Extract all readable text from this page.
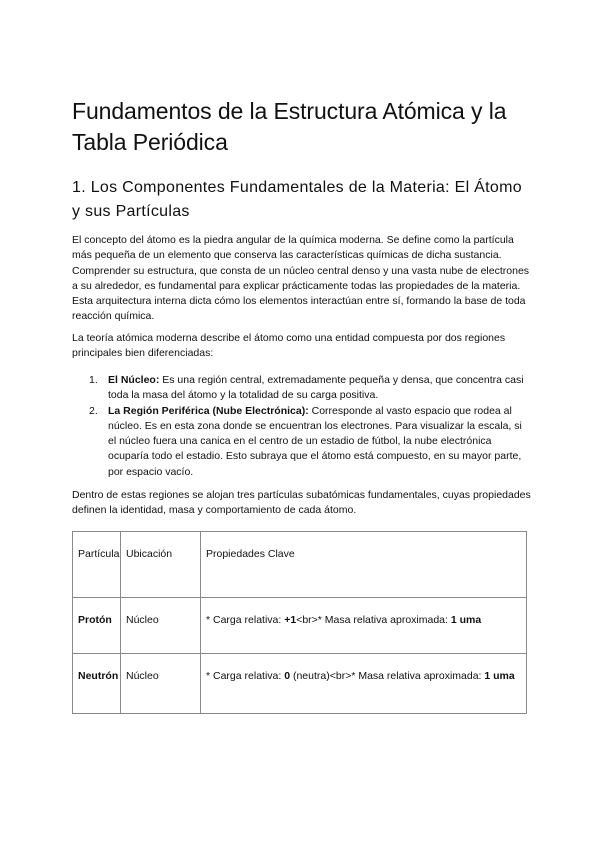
Fundamentos de la Estructura Atómica y la Tabla Periódica
1. Los Componentes Fundamentales de la Materia: El Átomo y sus Partículas

El concepto del átomo es la piedra angular de la química moderna. Se define como la partícula más pequeña de un elemento que conserva las características químicas de dicha sustancia. Comprender su estructura, que consta de un núcleo central denso y una vasta nube de electrones a su alrededor, es fundamental para explicar prácticamente todas las propiedades de la materia. Esta arquitectura interna dicta cómo los elementos interactúan entre sí, formando la base de toda reacción química.

La teoría atómica moderna describe el átomo como una entidad compuesta por dos regiones principales bien diferenciadas:

1. El Núcleo: Es una región central, extremadamente pequeña y densa, que concentra casi toda la masa del átomo y la totalidad de su carga positiva.
2. La Región Periférica (Nube Electrónica): Corresponde al vasto espacio que rodea al núcleo. Es en esta zona donde se encuentran los electrones. Para visualizar la escala, si el núcleo fuera una canica en el centro de un estadio de fútbol, la nube electrónica ocuparía todo el estadio. Esto subraya que el átomo está compuesto, en su mayor parte, por espacio vacío.

Dentro de estas regiones se alojan tres partículas subatómicas fundamentales, cuyas propiedades definen la identidad, masa y comportamiento de cada átomo.

Partícula	Ubicación	Propiedades Clave
Protón	Núcleo	* Carga relativa: +1<br>* Masa relativa aproximada: 1 uma
Neutrón	Núcleo	* Carga relativa: 0 (neutra)<br>* Masa relativa aproximada: 1 uma
